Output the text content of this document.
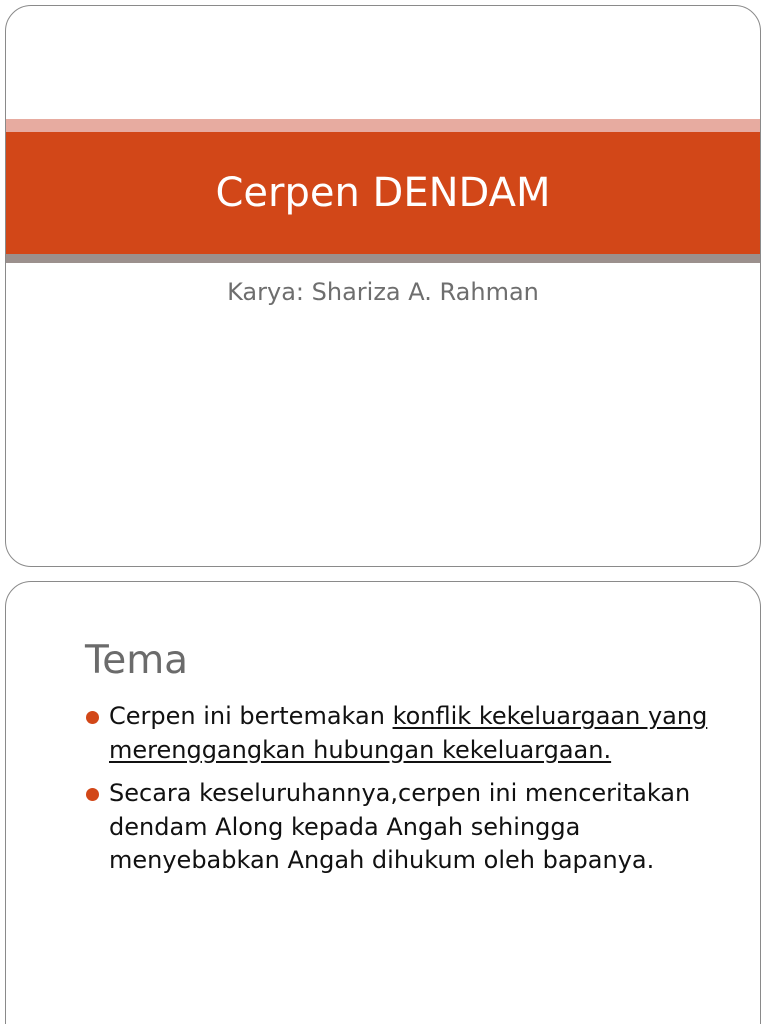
Cerpen DENDAM

Karya: Shariza A. Rahman

Tema
Cerpen ini bertemakan konflik kekeluargaan yang merenggangkan hubungan kekeluargaan.
Secara keseluruhannya,cerpen ini menceritakan dendam Along kepada Angah sehingga menyebabkan Angah dihukum oleh bapanya.
